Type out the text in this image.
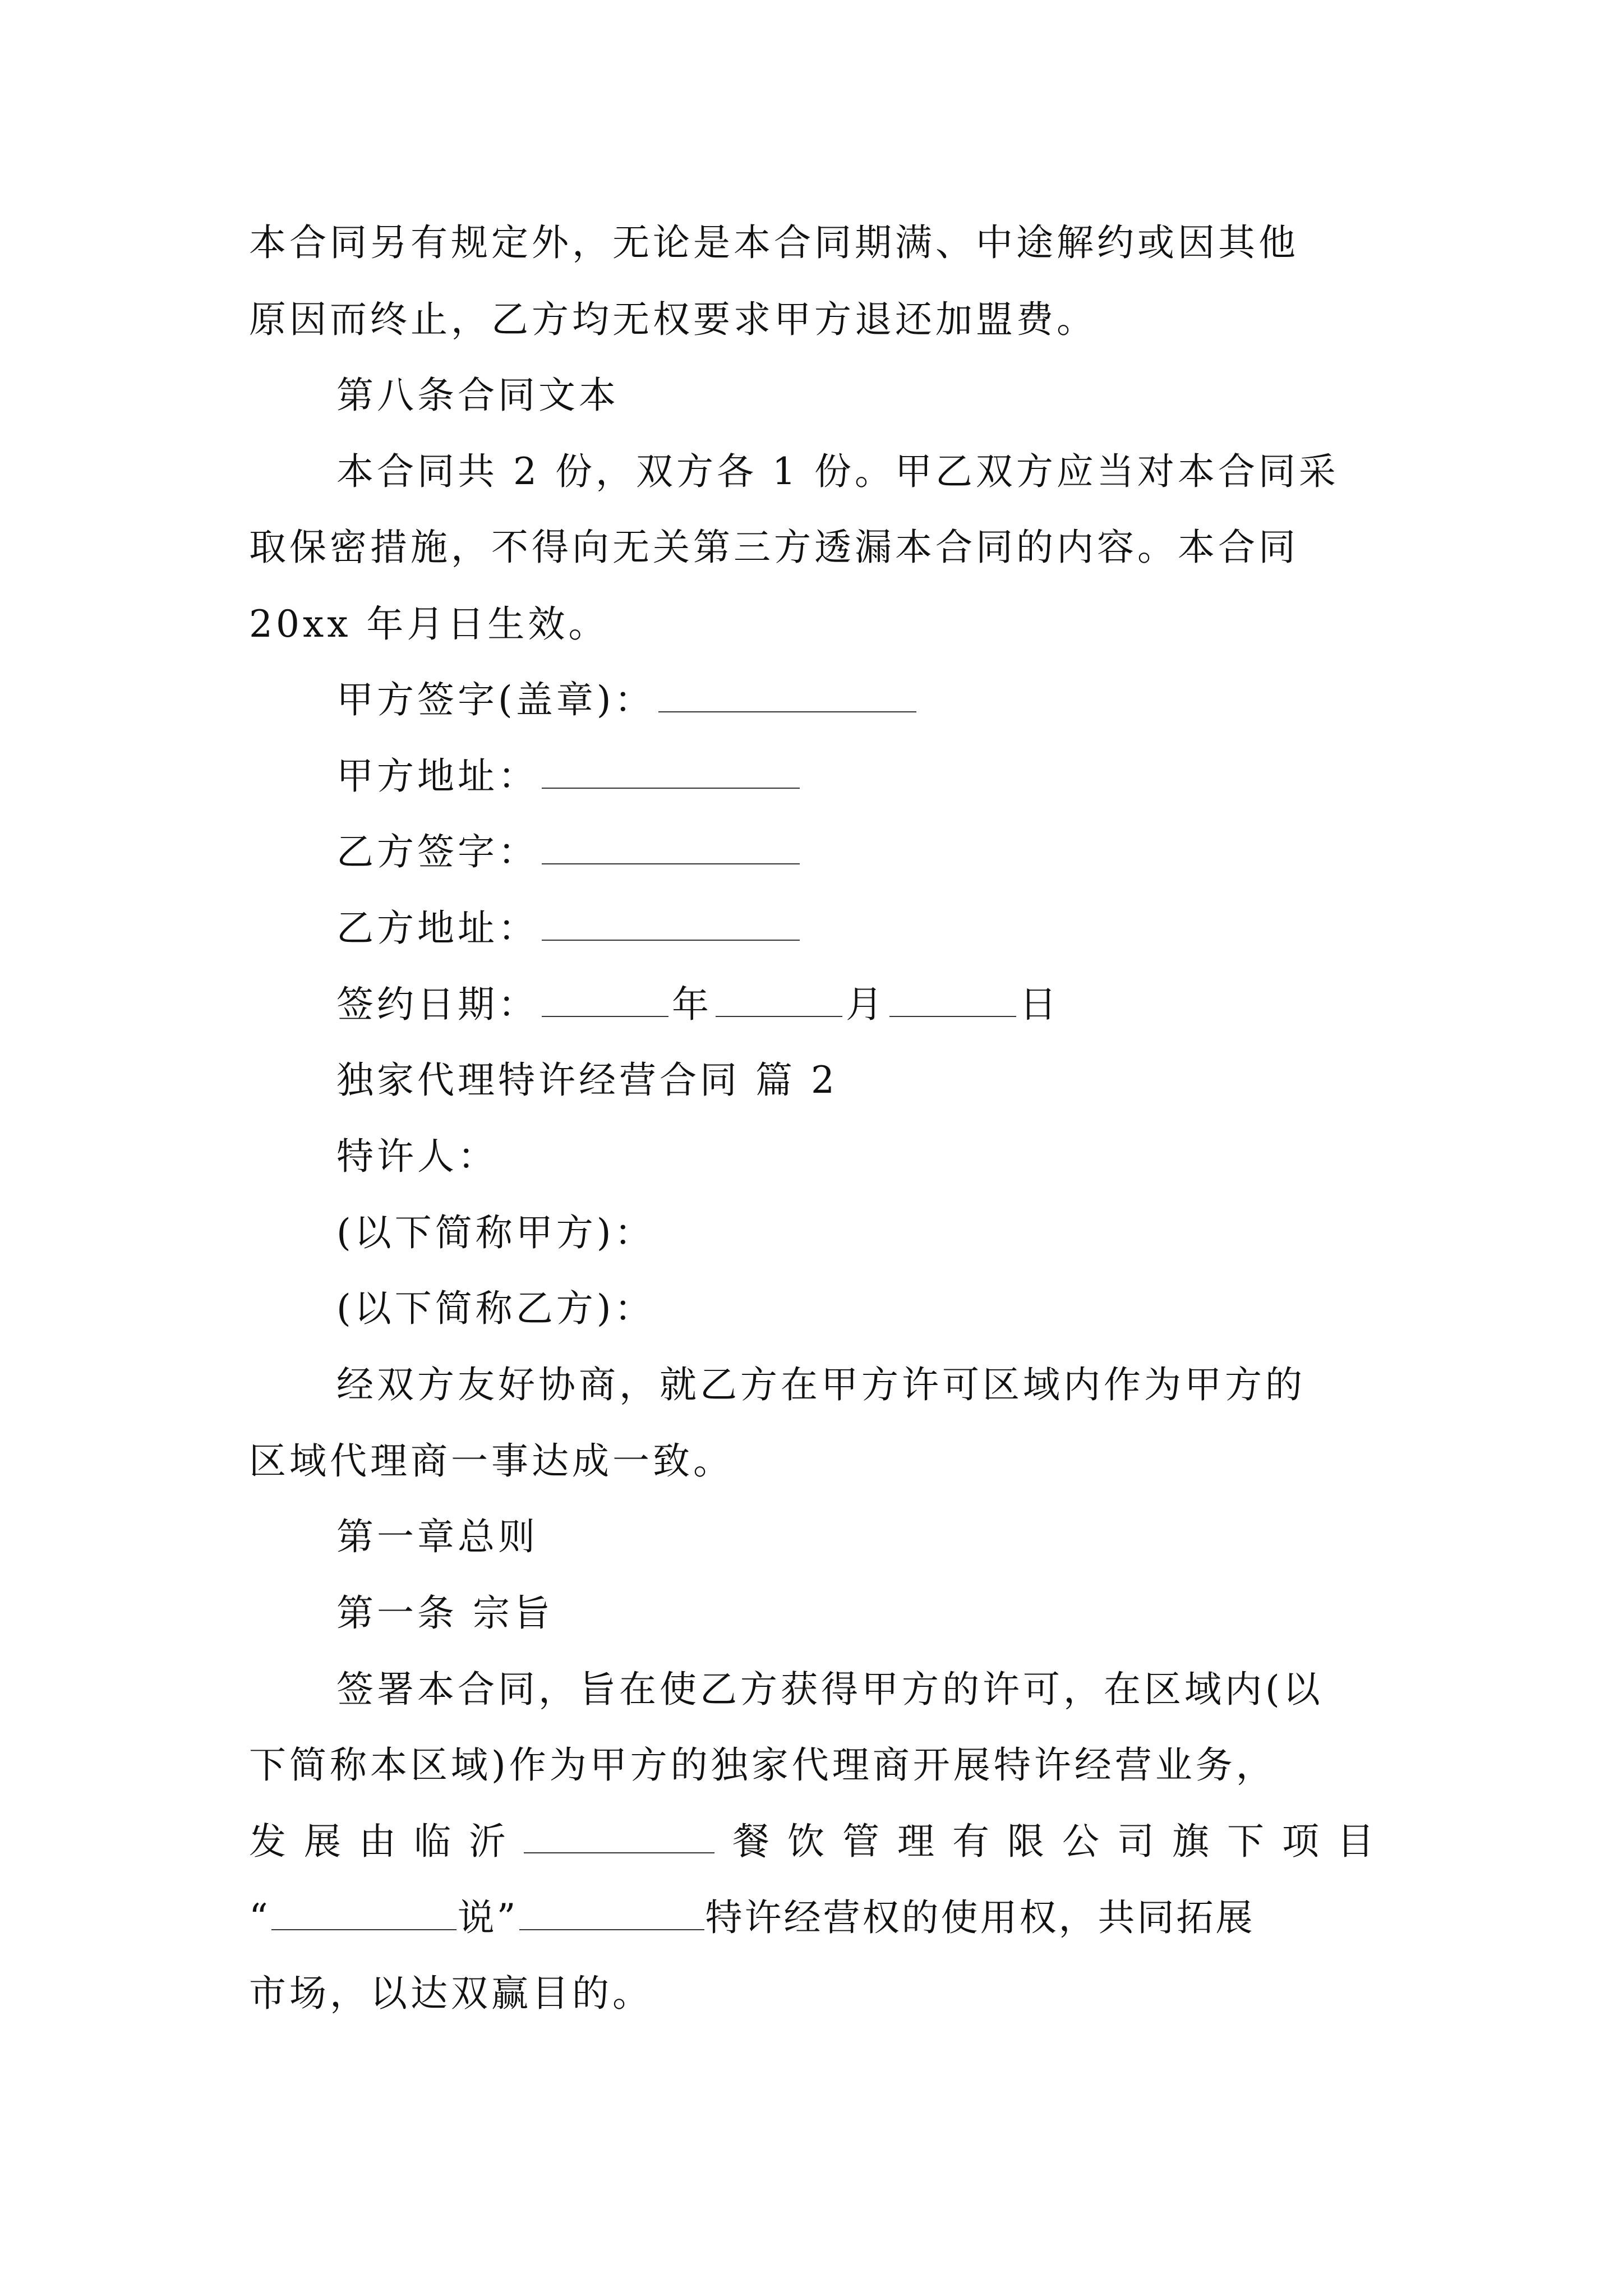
本合同另有规定外，无论是本合同期满、中途解约或因其他
原因而终止，乙方均无权要求甲方退还加盟费。
第八条合同文本
本合同共 2 份，双方各 1 份。甲乙双方应当对本合同采
取保密措施，不得向无关第三方透漏本合同的内容。本合同
20xx 年月日生效。
甲方签字(盖章)：
甲方地址：
乙方签字：
乙方地址：
签约日期：	年	月	日
独家代理特许经营合同 篇 2
特许人：
(以下简称甲方)：
(以下简称乙方)：
经双方友好协商，就乙方在甲方许可区域内作为甲方的
区域代理商一事达成一致。
第一章总则
第一条 宗旨
签署本合同，旨在使乙方获得甲方的许可，在区域内(以
下简称本区域)作为甲方的独家代理商开展特许经营业务，
发 展 由 临 沂	餐 饮 管 理 有 限 公 司 旗 下 项 目
“	说”	特许经营权的使用权，共同拓展
市场，以达双赢目的。
